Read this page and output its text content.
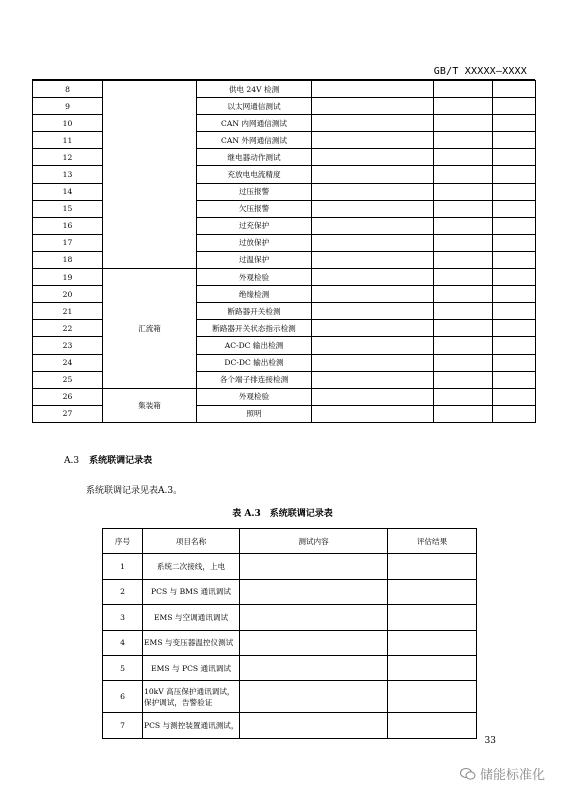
GB/T XXXXX—XXXX
8		供电 24V 检测			
9		以太网通信测试			
10		CAN 内网通信测试			
11		CAN 外网通信测试			
12		继电器动作测试			
13		充放电电流精度			
14		过压报警			
15		欠压报警			
16		过充保护			
17		过放保护			
18		过温保护			
19	汇流箱	外观检验			
20		绝缘检测			
21		断路器开关检测			
22		断路器开关状态指示检测			
23		AC-DC 输出检测			
24		DC-DC 输出检测			
25		各个端子排连接检测			
26	集装箱	外观检验			
27		照明			
A.3 系统联调记录表
系统联调记录见表A.3。
表 A.3　系统联调记录表
序号	项目名称	测试内容	评估结果
1	系统二次接线，上电		
2	PCS 与 BMS 通讯调试		
3	EMS 与空调通讯调试		
4	EMS 与变压器温控仪测试		
5	EMS 与 PCS 通讯调试		
6	10kV 高压保护通讯调试，保护调试，告警验证		
7	PCS 与测控装置通讯测试，		
33
储能标准化
